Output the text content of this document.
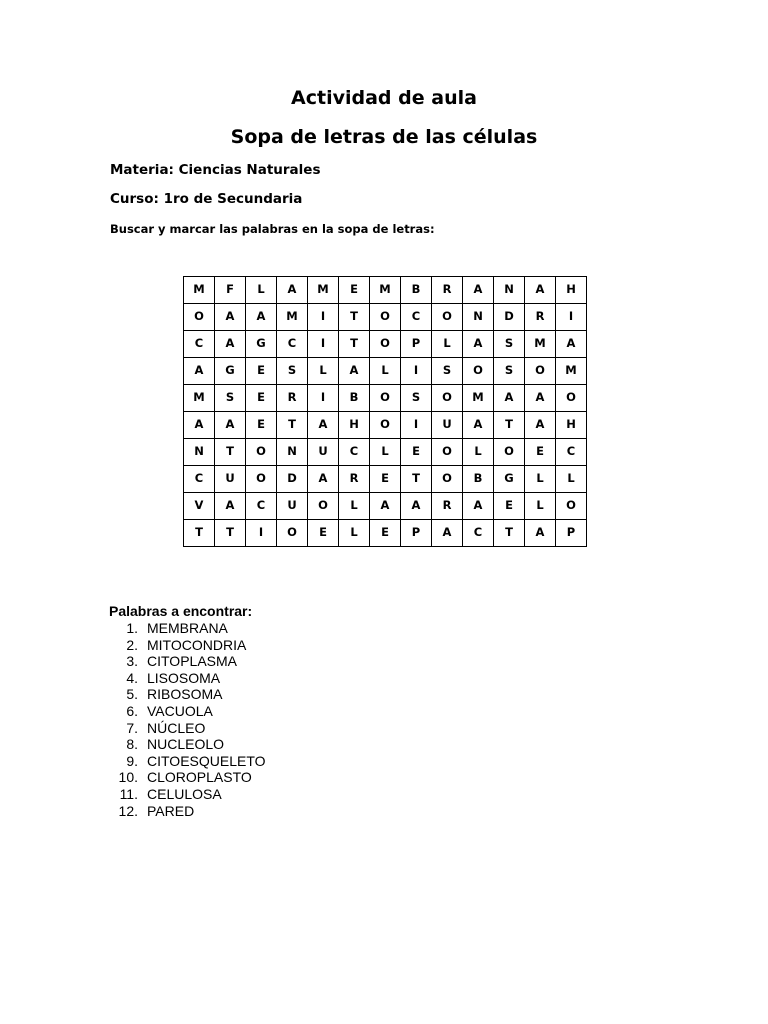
Actividad de aula
Sopa de letras de las células

Materia: Ciencias Naturales

Curso: 1ro de Secundaria

Buscar y marcar las palabras en la sopa de letras:

M	F	L	A	M	E	M	B	R	A	N	A	H
O	A	A	M	I	T	O	C	O	N	D	R	I
C	A	G	C	I	T	O	P	L	A	S	M	A
A	G	E	S	L	A	L	I	S	O	S	O	M
M	S	E	R	I	B	O	S	O	M	A	A	O
A	A	E	T	A	H	O	I	U	A	T	A	H
N	T	O	N	U	C	L	E	O	L	O	E	C
C	U	O	D	A	R	E	T	O	B	G	L	L
V	A	C	U	O	L	A	A	R	A	E	L	O
T	T	I	O	E	L	E	P	A	C	T	A	P

Palabras a encontrar:

1. MEMBRANA
2. MITOCONDRIA
3. CITOPLASMA
4. LISOSOMA
5. RIBOSOMA
6. VACUOLA
7. NÚCLEO
8. NUCLEOLO
9. CITOESQUELETO
10. CLOROPLASTO
11. CELULOSA
12. PARED
